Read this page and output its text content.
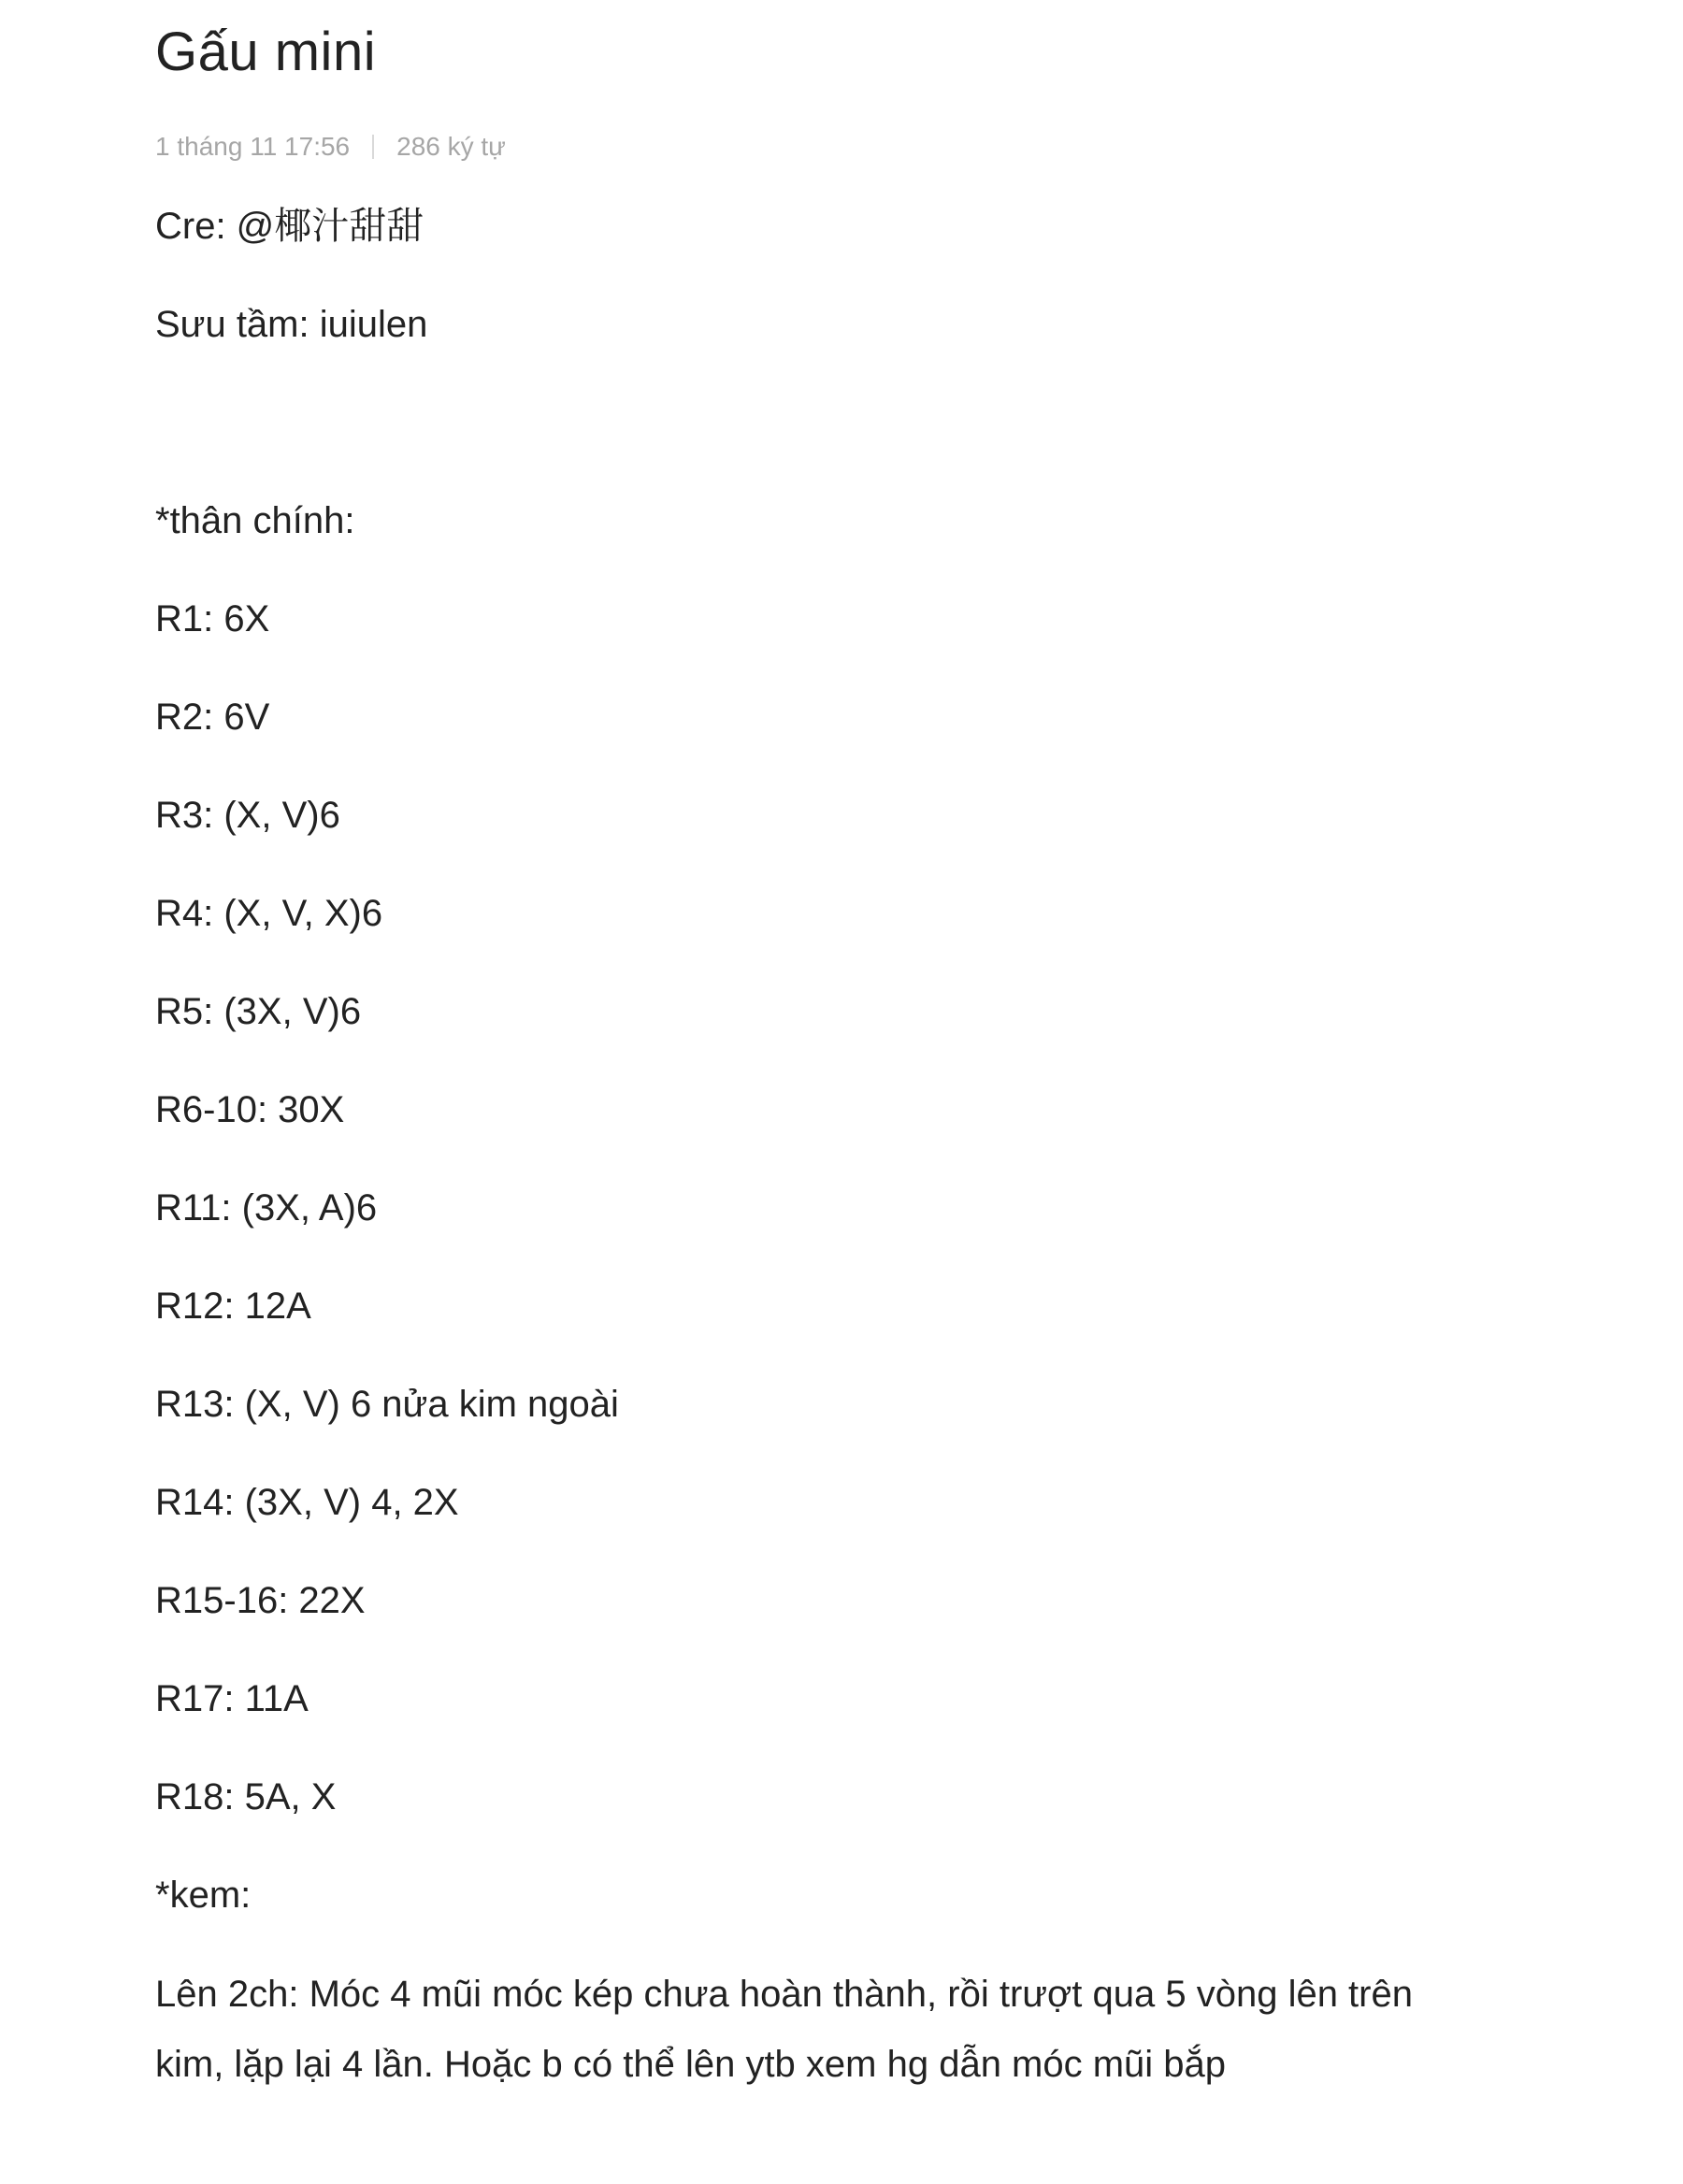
Gấu mini
1 tháng 11 17:56 286 ký tự
Cre: @椰汁甜甜
Sưu tầm: iuiulen
*thân chính:
R1: 6X
R2: 6V
R3: (X, V)6
R4: (X, V, X)6
R5: (3X, V)6
R6-10: 30X
R11: (3X, A)6
R12: 12A
R13: (X, V) 6 nửa kim ngoài
R14: (3X, V) 4, 2X
R15-16: 22X
R17: 11A
R18: 5A, X
*kem:
Lên 2ch: Móc 4 mũi móc kép chưa hoàn thành, rồi trượt qua 5 vòng lên trên kim, lặp lại 4 lần. Hoặc b có thể lên ytb xem hg dẫn móc mũi bắp
